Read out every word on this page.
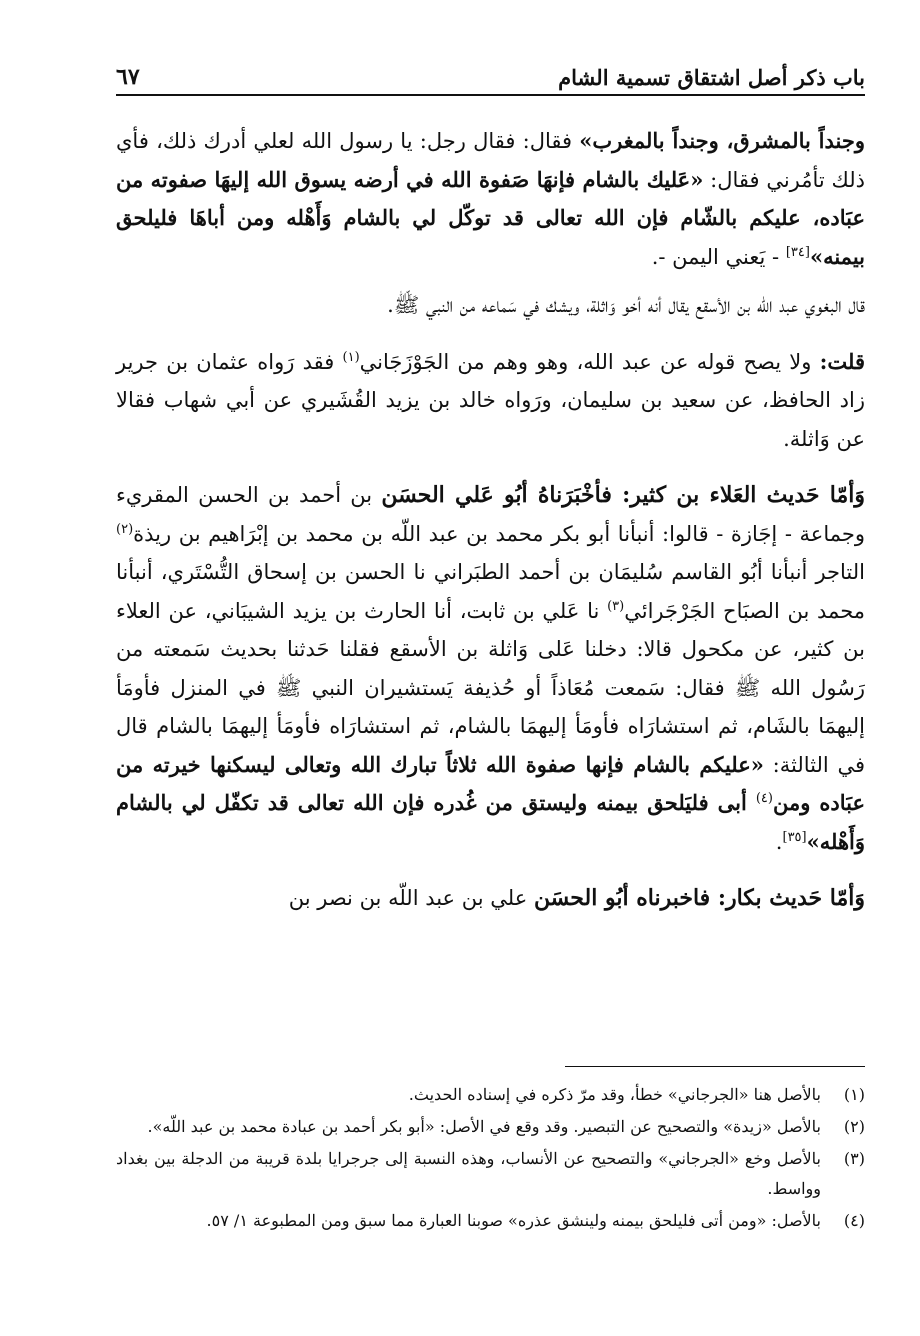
باب ذكر أصل اشتقاق تسمية الشام
٦٧

وجنداً بالمشرق، وجنداً بالمغرب» فقال: فقال رجل: يا رسول الله لعلي أدرك ذلك، فأي ذلك تأمُرني فقال: «عَليك بالشام فإنهَا صَفوة الله في أرضه يسوق الله إليهَا صفوته من عبَاده، عليكم بالشّام فإن الله تعالى قد توكّل لي بالشام وَأَهْله ومن أباهَا فليلحق بيمنه»[٣٤] - يَعني اليمن -.

قال البغوي عبد اللّه بن الأسقع يقال أنه أخو وَاثلة، ويشك في سَماعه من النبي ﷺ.

قلت: ولا يصح قوله عن عبد الله، وهو وهم من الجَوْزَجَاني$^{(١)}$ فقد رَواه عثمان بن جرير زاد الحافظ، عن سعيد بن سليمان، ورَواه خالد بن يزيد القُشَيري عن أبي شهاب فقالا عن وَاثلة.

وَأمّا حَديث العَلاء بن كثير: فأخْبَرَناهُ أبُو عَلي الحسَن بن أحمد بن الحسن المقريء وجماعة - إجَازة - قالوا: أنبأنا أبو بكر محمد بن عبد اللّه بن محمد بن إبْرَاهيم بن ريذة$^{(٢)}$ التاجر أنبأنا أبُو القاسم سُليمَان بن أحمد الطبَراني نا الحسن بن إسحاق التُّسْتَري، أنبأنا محمد بن الصبَاح الجَرْجَرائي$^{(٣)}$ نا عَلي بن ثابت، أنا الحارث بن يزيد الشيبَاني، عن العلاء بن كثير، عن مكحول قالا: دخلنا عَلى وَاثلة بن الأسقع فقلنا حَدثنا بحديث سَمعته من رَسُول الله ﷺ فقال: سَمعت مُعَاذاً أو حُذيفة يَستشيران النبي ﷺ في المنزل فأومَأ إليهمَا بالشَام، ثم استشارَاه فأومَأ إليهمَا بالشام، ثم استشارَاه فأومَأ إليهمَا بالشام قال في الثالثة: «عليكم بالشام فإنها صفوة الله ثلاثاً تبارك الله وتعالى ليسكنها خيرته من عبَاده ومن$^{(٤)}$ أبى فليَلحق بيمنه وليستق من غُدره فإن الله تعالى قد تكفّل لي بالشام وَأَهْله»[٣٥].

وَأمّا حَديث بكار: فاخبرناه أبُو الحسَن علي بن عبد اللّه بن نصر بن

(١)
بالأصل هنا «الجرجاني» خطأ، وقد مرّ ذكره في إسناده الحديث.
(٢)
بالأصل «زيدة» والتصحيح عن التبصير. وقد وقع في الأصل: «أبو بكر أحمد بن عبادة محمد بن عبد اللّه».
(٣)
بالأصل وخع «الجرجاني» والتصحيح عن الأنساب، وهذه النسبة إلى جرجرايا بلدة قريبة من الدجلة بين بغداد وواسط.
(٤)
بالأصل: «ومن أتى فليلحق بيمنه ولينشق عذره» صوبنا العبارة مما سبق ومن المطبوعة ١/ ٥٧.
